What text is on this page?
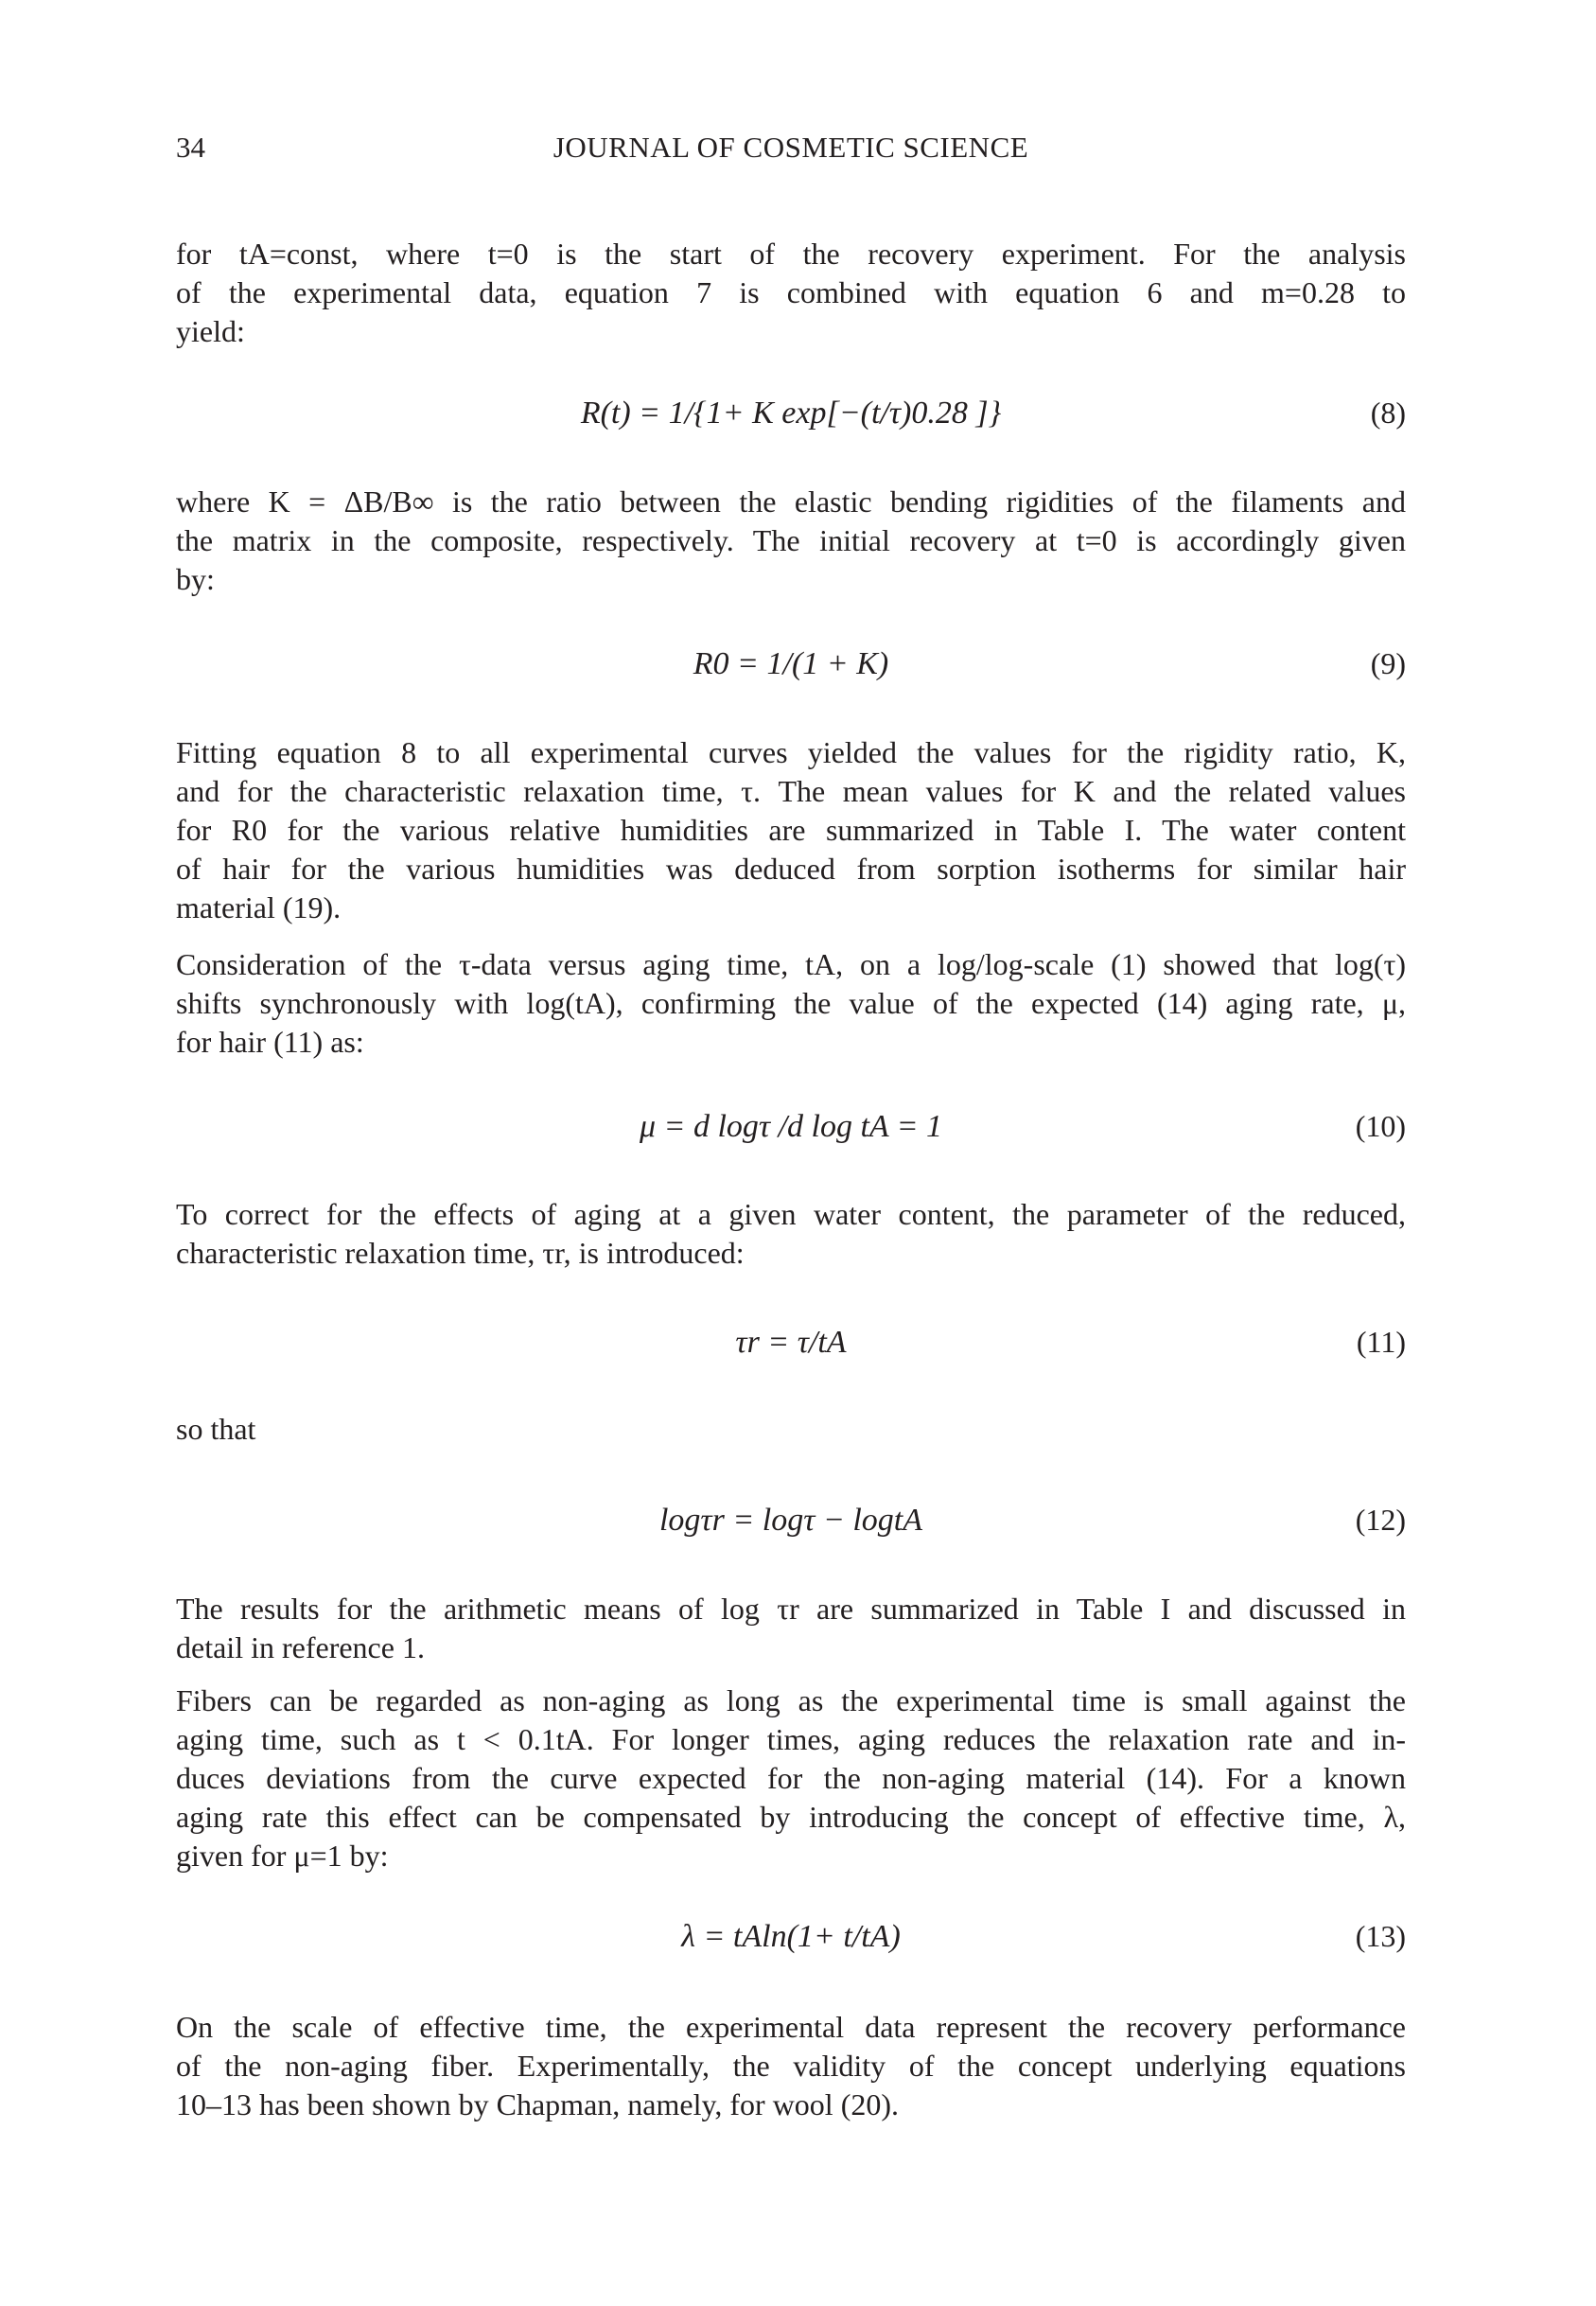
34	JOURNAL OF COSMETIC SCIENCE
for tA=const, where t=0 is the start of the recovery experiment. For the analysis
of the experimental data, equation 7 is combined with equation 6 and m=0.28 to
yield:
R(t) = 1/{1+ K exp[−(t/τ)0.28 ]}	(8)
where K = ΔB/B∞ is the ratio between the elastic bending rigidities of the filaments and
the matrix in the composite, respectively. The initial recovery at t=0 is accordingly given
by:
R0 = 1/(1 + K)	(9)
Fitting equation 8 to all experimental curves yielded the values for the rigidity ratio, K,
and for the characteristic relaxation time, τ. The mean values for K and the related values
for R0 for the various relative humidities are summarized in Table I. The water content
of hair for the various humidities was deduced from sorption isotherms for similar hair
material (19).
Consideration of the τ-data versus aging time, tA, on a log/log-scale (1) showed that log(τ)
shifts synchronously with log(tA), confirming the value of the expected (14) aging rate, μ,
for hair (11) as:
μ = d logτ /d log tA = 1	(10)
To correct for the effects of aging at a given water content, the parameter of the reduced,
characteristic relaxation time, τr, is introduced:
τr = τ/tA	(11)
so that
logτr = logτ − logtA	(12)
The results for the arithmetic means of log τr are summarized in Table I and discussed in
detail in reference 1.
Fibers can be regarded as non-aging as long as the experimental time is small against the
aging time, such as t < 0.1tA. For longer times, aging reduces the relaxation rate and in-
duces deviations from the curve expected for the non-aging material (14). For a known
aging rate this effect can be compensated by introducing the concept of effective time, λ,
given for μ=1 by:
λ = tAln(1+ t/tA)	(13)
On the scale of effective time, the experimental data represent the recovery performance
of the non-aging fiber. Experimentally, the validity of the concept underlying equations
10–13 has been shown by Chapman, namely, for wool (20).
